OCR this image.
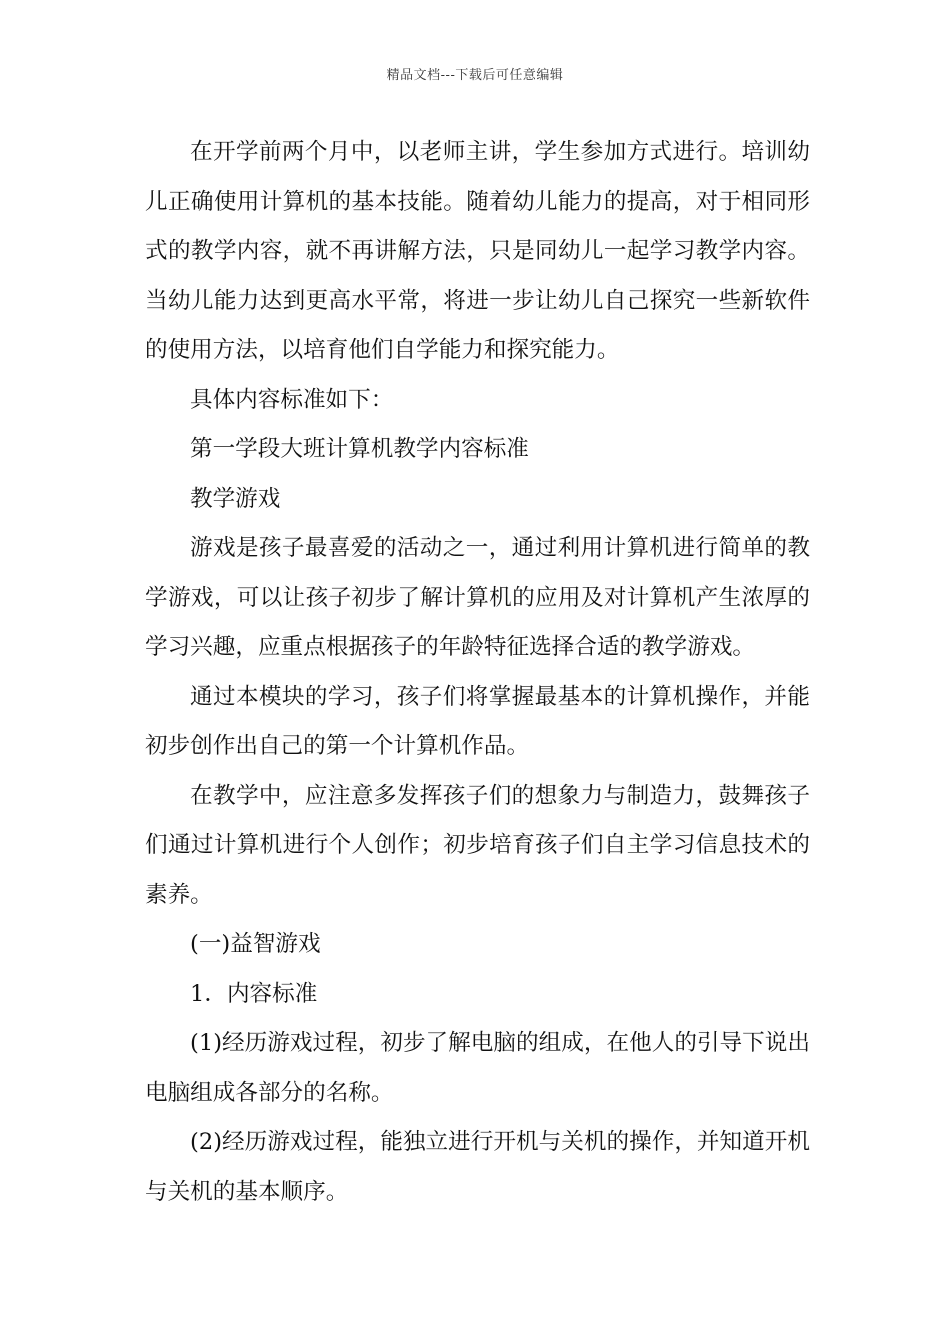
精品文档---下载后可任意编辑

在开学前两个月中，以老师主讲，学生参加方式进行。培训幼儿正确使用计算机的基本技能。随着幼儿能力的提高，对于相同形式的教学内容，就不再讲解方法，只是同幼儿一起学习教学内容。当幼儿能力达到更高水平常，将进一步让幼儿自己探究一些新软件的使用方法，以培育他们自学能力和探究能力。

具体内容标准如下：

第一学段大班计算机教学内容标准

教学游戏

游戏是孩子最喜爱的活动之一，通过利用计算机进行简单的教学游戏，可以让孩子初步了解计算机的应用及对计算机产生浓厚的学习兴趣，应重点根据孩子的年龄特征选择合适的教学游戏。

通过本模块的学习，孩子们将掌握最基本的计算机操作，并能初步创作出自己的第一个计算机作品。

在教学中，应注意多发挥孩子们的想象力与制造力，鼓舞孩子们通过计算机进行个人创作；初步培育孩子们自主学习信息技术的素养。

(一)益智游戏

1．内容标准

(1)经历游戏过程，初步了解电脑的组成，在他人的引导下说出电脑组成各部分的名称。

(2)经历游戏过程，能独立进行开机与关机的操作，并知道开机与关机的基本顺序。
